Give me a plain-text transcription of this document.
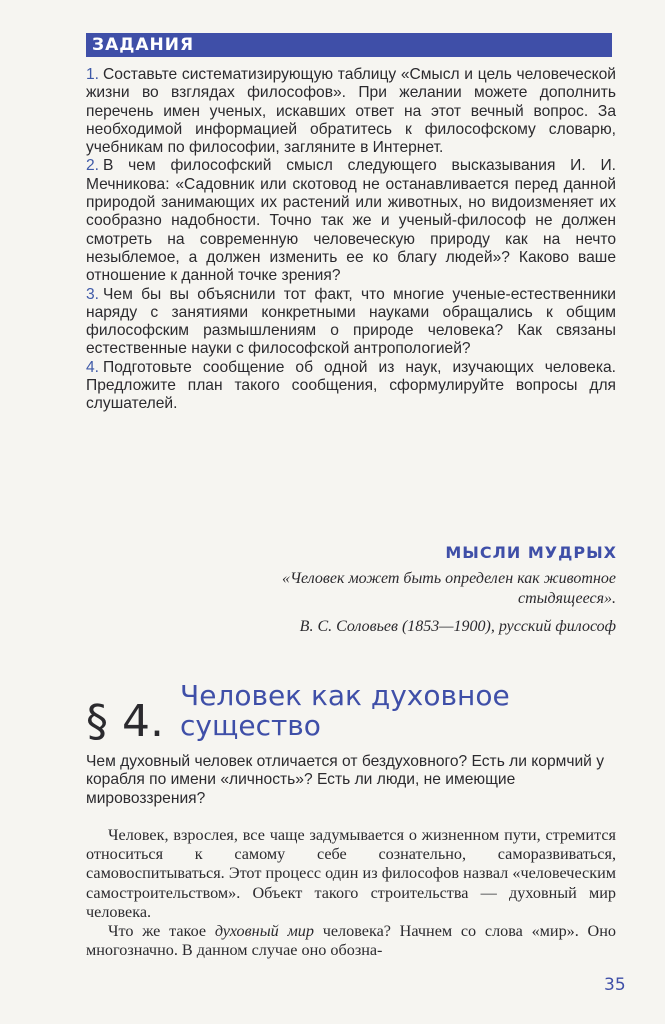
ЗАДАНИЯ

1. Составьте систематизирующую таблицу «Смысл и цель человеческой жизни во взглядах философов». При желании можете дополнить перечень имен ученых, искавших ответ на этот вечный вопрос. За необходимой информацией обратитесь к философскому словарю, учебникам по философии, загляните в Интернет.

2. В чем философский смысл следующего высказывания И. И. Мечникова: «Садовник или скотовод не останавливается перед данной природой занимающих их растений или животных, но видоизменяет их сообразно надобности. Точно так же и ученый-философ не должен смотреть на современную человеческую природу как на нечто незыблемое, а должен изменить ее ко благу людей»? Каково ваше отношение к данной точке зрения?

3. Чем бы вы объяснили тот факт, что многие ученые-естественники наряду с занятиями конкретными науками обращались к общим философским размышлениям о природе человека? Как связаны естественные науки с философской антропологией?

4. Подготовьте сообщение об одной из наук, изучающих человека. Предложите план такого сообщения, сформулируйте вопросы для слушателей.

МЫСЛИ МУДРЫХ
«Человек может быть определен как животное
стыдящееся».
В. С. Соловьев (1853—1900), русский философ
§ 4.
Человек как духовное
существо
Чем духовный человек отличается от бездуховного? Есть ли кормчий у корабля по имени «личность»? Есть ли люди, не имеющие мировоззрения?

Человек, взрослея, все чаще задумывается о жизненном пути, стремится относиться к самому себе сознательно, саморазвиваться, самовоспитываться. Этот процесс один из философов назвал «человеческим самостроительством». Объект такого строительства — духовный мир человека.

Что же такое духовный мир человека? Начнем со слова «мир». Оно многозначно. В данном случае оно обозна-

35
